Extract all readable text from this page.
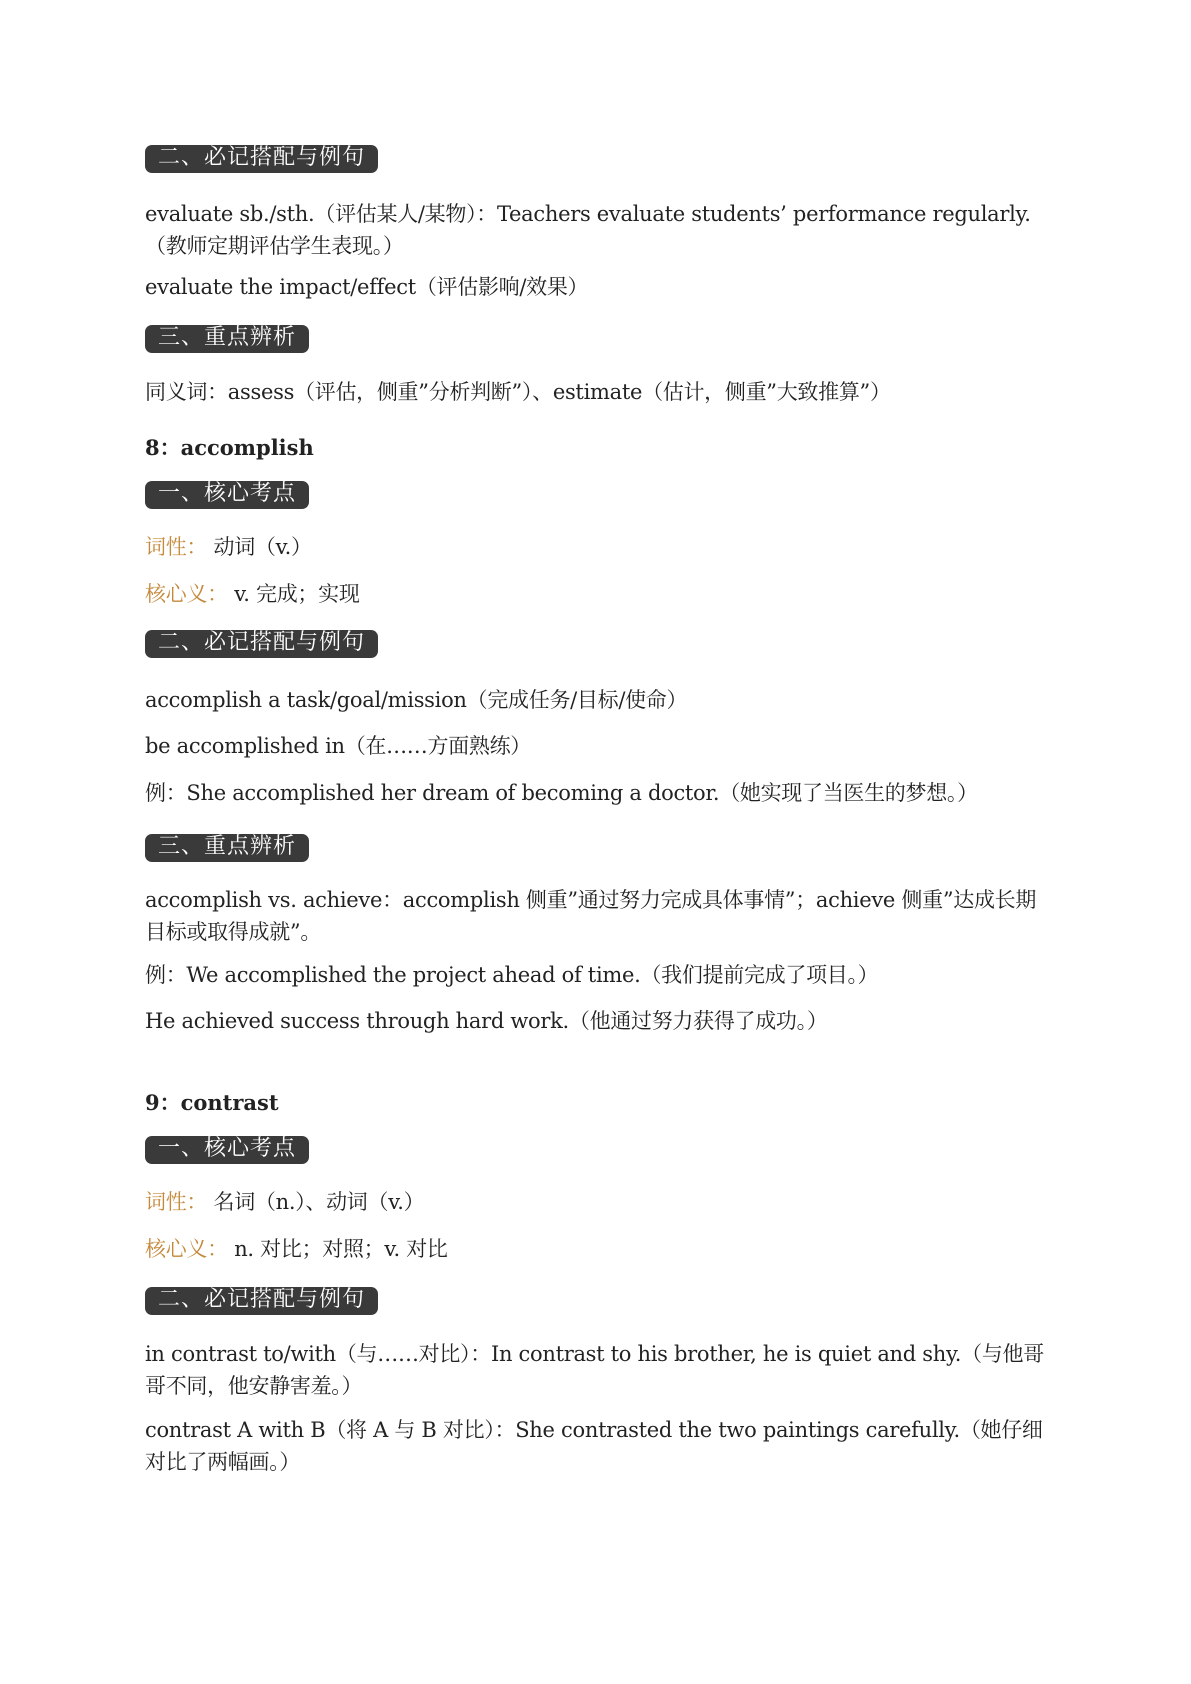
二、必记搭配与例句

evaluate sb./sth.（评估某人/某物）：Teachers evaluate students’ performance regularly.（教师定期评估学生表现。）

evaluate the impact/effect（评估影响/效果）

三、重点辨析

同义词：assess（评估，侧重”分析判断”）、estimate（估计，侧重”大致推算”）

8：accomplish

一、核心考点

词性： 动词（v.）

核心义： v. 完成；实现

二、必记搭配与例句

accomplish a task/goal/mission（完成任务/目标/使命）

be accomplished in（在……方面熟练）

例：She accomplished her dream of becoming a doctor.（她实现了当医生的梦想。）

三、重点辨析

accomplish vs. achieve：accomplish 侧重”通过努力完成具体事情”；achieve 侧重”达成长期目标或取得成就”。

例：We accomplished the project ahead of time.（我们提前完成了项目。）

He achieved success through hard work.（他通过努力获得了成功。）

9：contrast

一、核心考点

词性： 名词（n.）、动词（v.）

核心义： n. 对比；对照；v. 对比

二、必记搭配与例句

in contrast to/with（与……对比）：In contrast to his brother, he is quiet and shy.（与他哥哥不同，他安静害羞。）

contrast A with B（将 A 与 B 对比）：She contrasted the two paintings carefully.（她仔细对比了两幅画。）
